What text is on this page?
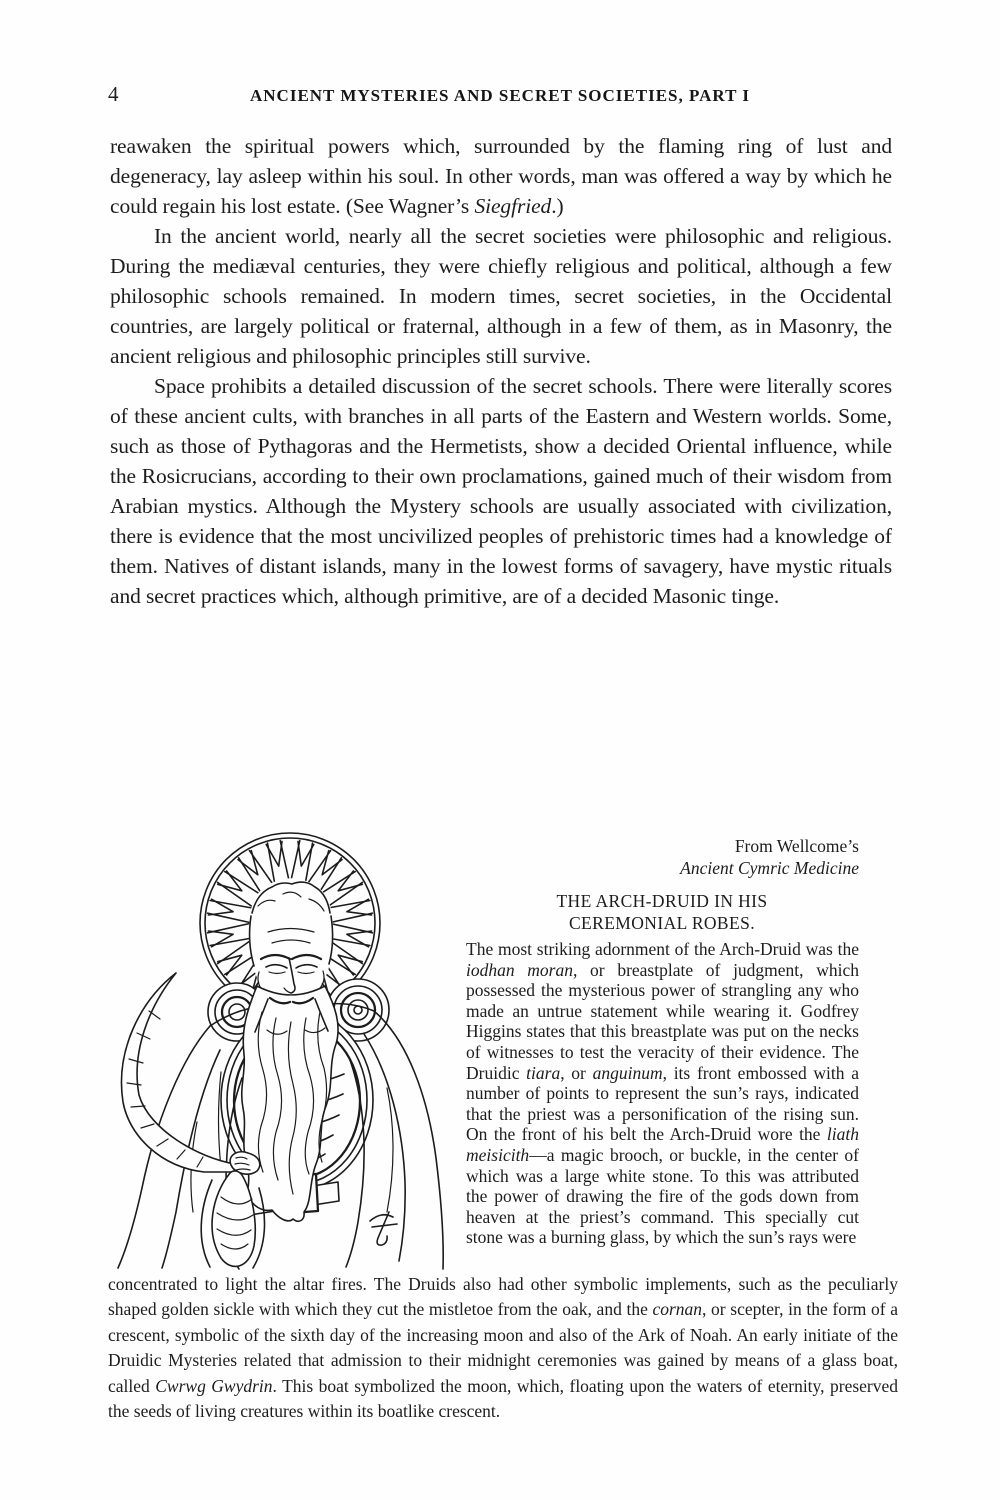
4	ANCIENT MYSTERIES AND SECRET SOCIETIES, PART I

reawaken the spiritual powers which, surrounded by the flaming ring of lust and degeneracy, lay asleep within his soul. In other words, man was offered a way by which he could regain his lost estate. (See Wagner’s Siegfried.)

In the ancient world, nearly all the secret societies were philosophic and religious. During the mediæval centuries, they were chiefly religious and political, although a few philosophic schools remained. In modern times, secret societies, in the Occidental countries, are largely political or fraternal, although in a few of them, as in Masonry, the ancient religious and philosophic principles still survive.

Space prohibits a detailed discussion of the secret schools. There were literally scores of these ancient cults, with branches in all parts of the Eastern and Western worlds. Some, such as those of Pythagoras and the Hermetists, show a decided Oriental influence, while the Rosicrucians, according to their own proclamations, gained much of their wisdom from Arabian mystics. Although the Mystery schools are usually associated with civilization, there is evidence that the most uncivilized peoples of prehistoric times had a knowledge of them. Natives of distant islands, many in the lowest forms of savagery, have mystic rituals and secret practices which, although primitive, are of a decided Masonic tinge.

From Wellcome’s
Ancient Cymric Medicine
THE ARCH-DRUID IN HIS
CEREMONIAL ROBES.
The most striking adornment of the Arch-Druid was the iodhan moran, or breastplate of judgment, which possessed the mysterious power of strangling any who made an untrue statement while wearing it. Godfrey Higgins states that this breastplate was put on the necks of witnesses to test the veracity of their evidence. The Druidic tiara, or anguinum, its front embossed with a number of points to represent the sun’s rays, indicated that the priest was a personification of the rising sun. On the front of his belt the Arch-Druid wore the liath meisicith—a magic brooch, or buckle, in the center of which was a large white stone. To this was attributed the power of drawing the fire of the gods down from heaven at the priest’s command. This specially cut stone was a burning glass, by which the sun’s rays were
concentrated to light the altar fires. The Druids also had other symbolic implements, such as the peculiarly shaped golden sickle with which they cut the mistletoe from the oak, and the cornan, or scepter, in the form of a crescent, symbolic of the sixth day of the increasing moon and also of the Ark of Noah. An early initiate of the Druidic Mysteries related that admission to their midnight ceremonies was gained by means of a glass boat, called Cwrwg Gwydrin. This boat symbolized the moon, which, floating upon the waters of eternity, preserved the seeds of living creatures within its boatlike crescent.
